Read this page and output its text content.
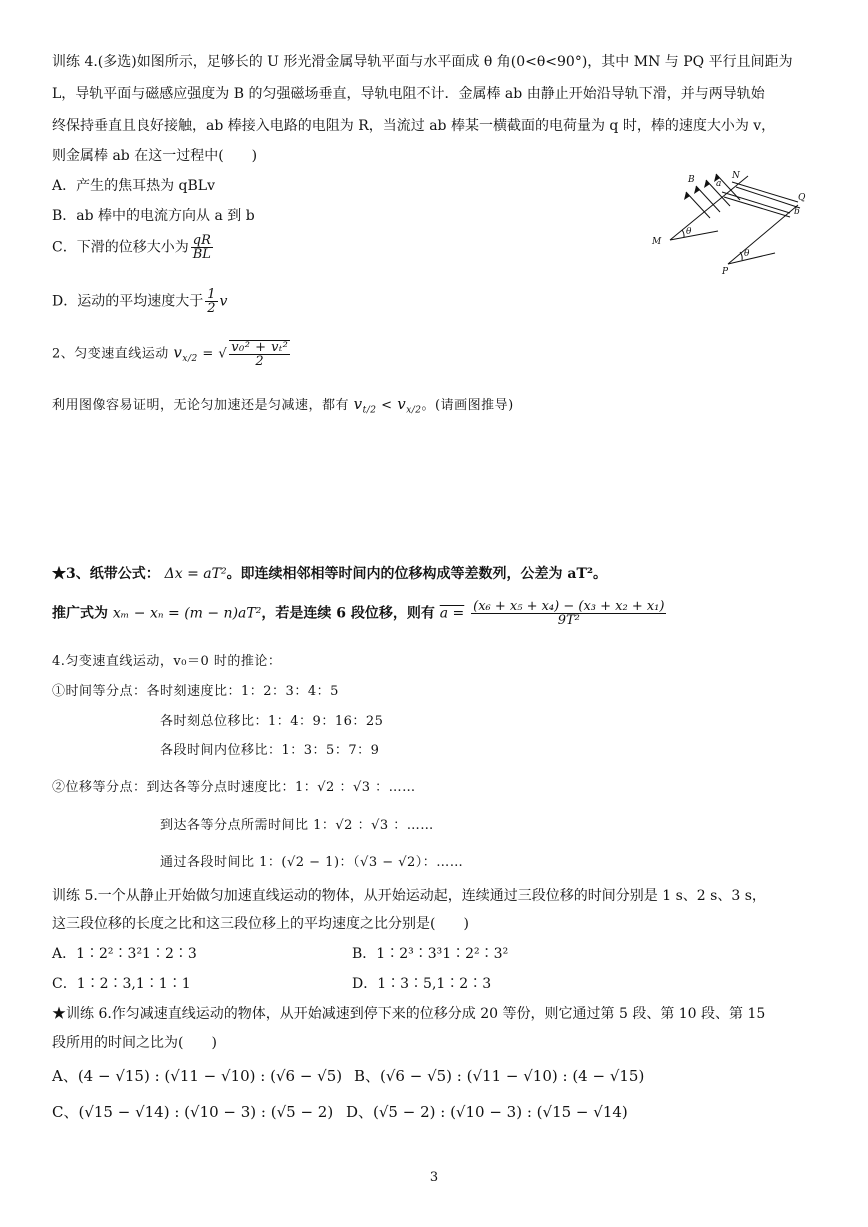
训练 4.(多选)如图所示，足够长的 U 形光滑金属导轨平面与水平面成 θ 角(0<θ<90°)，其中 MN 与 PQ 平行且间距为
L，导轨平面与磁感应强度为 B 的匀强磁场垂直，导轨电阻不计．金属棒 ab 由静止开始沿导轨下滑，并与两导轨始
终保持垂直且良好接触，ab 棒接入电路的电阻为 R，当流过 ab 棒某一横截面的电荷量为 q 时，棒的速度大小为 v，
则金属棒 ab 在这一过程中(　　)
A．产生的焦耳热为 qBLv
B．ab 棒中的电流方向从 a 到 b
C．下滑的位移大小为 $\frac{qR}{BL}$
D．运动的平均速度大于 $\frac{1}{2}$ v
B a
N
Q
b
M
P
θ
θ
2、匀变速直线运动 $v_{x/2}$ = √ $\frac{\text{v₀² + vₜ²}}{2}$
利用图像容易证明，无论匀加速还是匀减速，都有 $v_{t/2} < v_{x/2}$。(请画图推导)
★3、纸带公式： Δx = aT²。即连续相邻相等时间内的位移构成等差数列，公差为 aT²。
推广式为 xₘ − xₙ = (m − n)aT²，若是连续 6 段位移，则有 $a = \frac{\text{(x₆ + x₅ + x₄) − (x₃ + x₂ + x₁)}}{\text{9T²}}$
4.匀变速直线运动，v₀＝0 时的推论：
①时间等分点：各时刻速度比：1：2：3：4：5
各时刻总位移比：1：4：9：16：25
各段时间内位移比：1：3：5：7：9
②位移等分点：到达各等分点时速度比：1：√2 ：√3 ：……
到达各等分点所需时间比 1：√2 ：√3 ：……
通过各段时间比 1：(√2 − 1)：（√3 − √2）：……
训练 5.一个从静止开始做匀加速直线运动的物体，从开始运动起，连续通过三段位移的时间分别是 1 s、2 s、3 s，
这三段位移的长度之比和这三段位移上的平均速度之比分别是(　　)
A．1∶2²∶3²1∶2∶3	B．1∶2³∶3³1∶2²∶3²
C．1∶2∶3,1∶1∶1	D．1∶3∶5,1∶2∶3
★训练 6.作匀减速直线运动的物体，从开始减速到停下来的位移分成 20 等份，则它通过第 5 段、第 10 段、第 15
段所用的时间之比为(　　)
A、(4 − √15) : (√11 − √10) : (√6 − √5) B、(√6 − √5) : (√11 − √10) : (4 − √15)
C、(√15 − √14) : (√10 − 3) : (√5 − 2) D、(√5 − 2) : (√10 − 3) : (√15 − √14)
3
